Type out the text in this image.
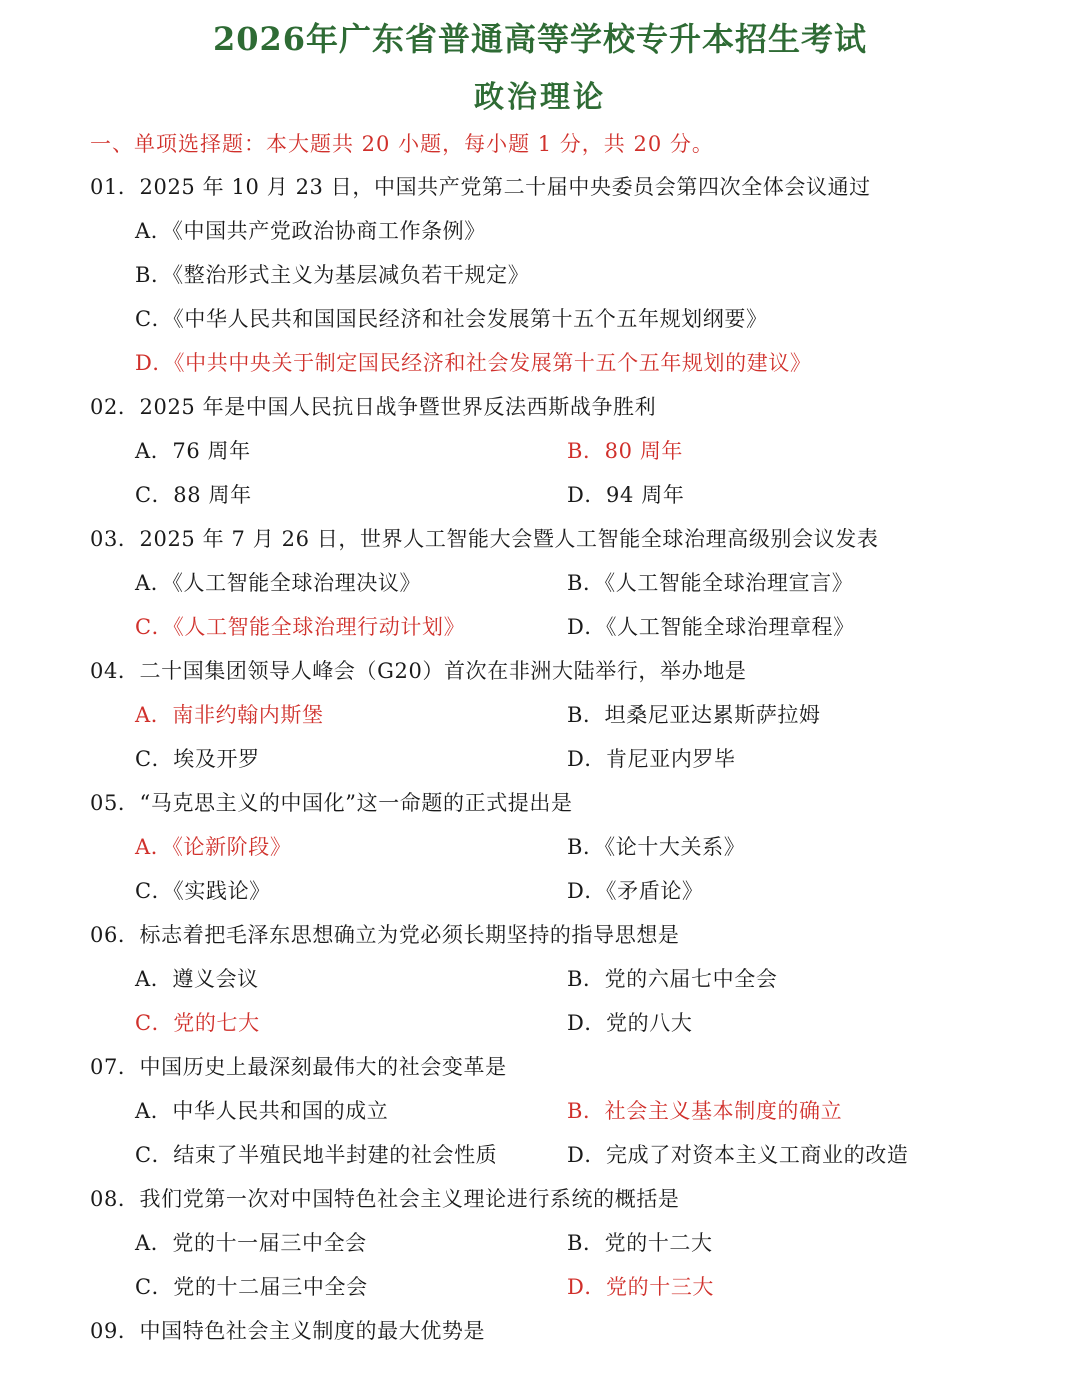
2026年广东省普通高等学校专升本招生考试
政治理论
一、单项选择题：本大题共 20 小题，每小题 1 分，共 20 分。
01．2025 年 10 月 23 日，中国共产党第二十届中央委员会第四次全体会议通过
A．《中国共产党政治协商工作条例》
B．《整治形式主义为基层减负若干规定》
C．《中华人民共和国国民经济和社会发展第十五个五年规划纲要》
D．《中共中央关于制定国民经济和社会发展第十五个五年规划的建议》
02．2025 年是中国人民抗日战争暨世界反法西斯战争胜利
A．76 周年	B．80 周年
C．88 周年	D．94 周年
03．2025 年 7 月 26 日，世界人工智能大会暨人工智能全球治理高级别会议发表
A．《人工智能全球治理决议》	B．《人工智能全球治理宣言》
C．《人工智能全球治理行动计划》	D．《人工智能全球治理章程》
04．二十国集团领导人峰会（G20）首次在非洲大陆举行，举办地是
A．南非约翰内斯堡	B．坦桑尼亚达累斯萨拉姆
C．埃及开罗	D．肯尼亚内罗毕
05．“马克思主义的中国化”这一命题的正式提出是
A．《论新阶段》	B．《论十大关系》
C．《实践论》	D．《矛盾论》
06．标志着把毛泽东思想确立为党必须长期坚持的指导思想是
A．遵义会议	B．党的六届七中全会
C．党的七大	D．党的八大
07．中国历史上最深刻最伟大的社会变革是
A．中华人民共和国的成立	B．社会主义基本制度的确立
C．结束了半殖民地半封建的社会性质	D．完成了对资本主义工商业的改造
08．我们党第一次对中国特色社会主义理论进行系统的概括是
A．党的十一届三中全会	B．党的十二大
C．党的十二届三中全会	D．党的十三大
09．中国特色社会主义制度的最大优势是
